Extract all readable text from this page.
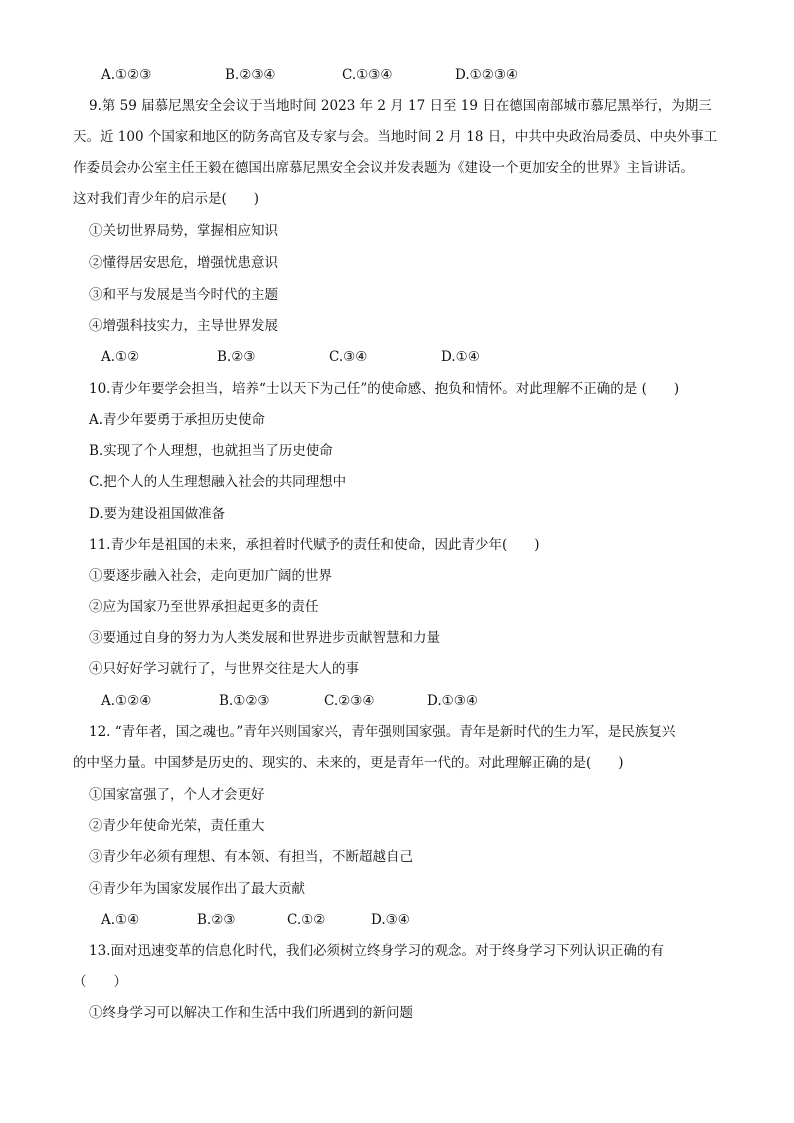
A.①②③	B.②③④	C.①③④	D.①②③④
9.第 59 届慕尼黑安全会议于当地时间 2023 年 2 月 17 日至 19 日在德国南部城市慕尼黑举行，为期三
天。近 100 个国家和地区的防务高官及专家与会。当地时间 2 月 18 日，中共中央政治局委员、中央外事工
作委员会办公室主任王毅在德国出席慕尼黑安全会议并发表题为《建设一个更加安全的世界》主旨讲话。
这对我们青少年的启示是(　　)
①关切世界局势，掌握相应知识
②懂得居安思危，增强忧患意识
③和平与发展是当今时代的主题
④增强科技实力，主导世界发展
A.①②	B.②③	C.③④	D.①④
10.青少年要学会担当，培养“士以天下为己任”的使命感、抱负和情怀。对此理解不正确的是 (　　)
A.青少年要勇于承担历史使命
B.实现了个人理想，也就担当了历史使命
C.把个人的人生理想融入社会的共同理想中
D.要为建设祖国做准备
11.青少年是祖国的未来，承担着时代赋予的责任和使命，因此青少年(　　)
①要逐步融入社会，走向更加广阔的世界
②应为国家乃至世界承担起更多的责任
③要通过自身的努力为人类发展和世界进步贡献智慧和力量
④只好好学习就行了，与世界交往是大人的事
A.①②④	B.①②③	C.②③④	D.①③④
12. “青年者，国之魂也。”青年兴则国家兴，青年强则国家强。青年是新时代的生力军，是民族复兴
的中坚力量。中国梦是历史的、现实的、未来的，更是青年一代的。对此理解正确的是(　　)
①国家富强了，个人才会更好
②青少年使命光荣，责任重大
③青少年必须有理想、有本领、有担当，不断超越自己
④青少年为国家发展作出了最大贡献
A.①④	B.②③	C.①②	D.③④
13.面对迅速变革的信息化时代，我们必须树立终身学习的观念。对于终身学习下列认识正确的有
（　　）
①终身学习可以解决工作和生活中我们所遇到的新问题
